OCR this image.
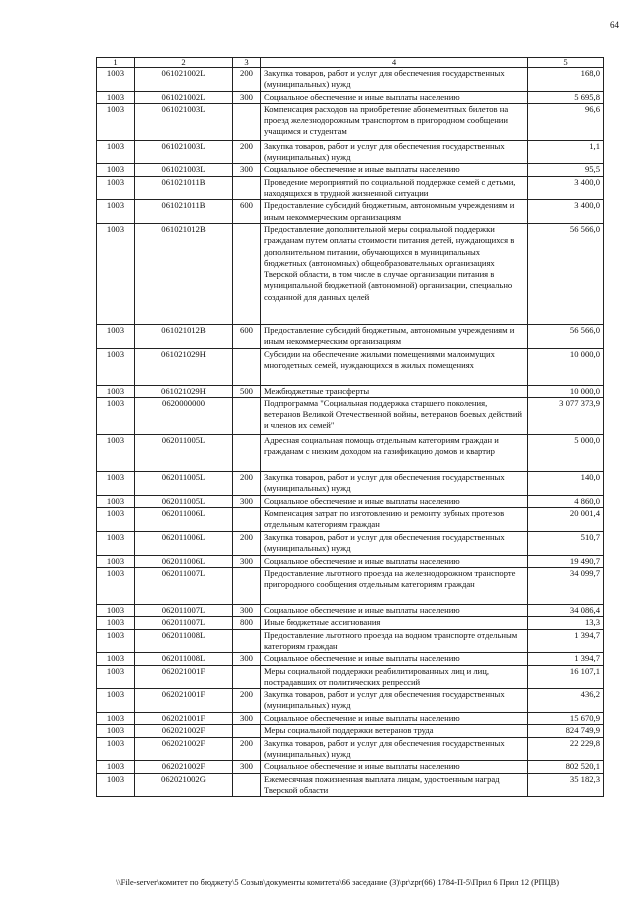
64
1	2	3	4	5
1003	061021002L	200	Закупка товаров, работ и услуг для обеспечения государственных (муниципальных) нужд	168,0
1003	061021002L	300	Социальное обеспечение и иные выплаты населению	5 695,8
1003	061021003L		Компенсация расходов на приобретение абонементных билетов на проезд железнодорожным транспортом в пригородном сообщении учащимся и студентам	96,6
1003	061021003L	200	Закупка товаров, работ и услуг для обеспечения государственных (муниципальных) нужд	1,1
1003	061021003L	300	Социальное обеспечение и иные выплаты населению	95,5
1003	061021011В		Проведение мероприятий по социальной поддержке семей с детьми, находящихся в трудной жизненной ситуации	3 400,0
1003	061021011В	600	Предоставление субсидий бюджетным, автономным учреждениям и иным некоммерческим организациям	3 400,0
1003	061021012В		Предоставление дополнительной меры социальной поддержки гражданам путем оплаты стоимости питания детей, нуждающихся в дополнительном питании, обучающихся в муниципальных бюджетных (автономных) общеобразовательных организациях Тверской области, в том числе в случае организации питания в муниципальной бюджетной (автономной) организации, специально созданной для данных целей	56 566,0
1003	061021012В	600	Предоставление субсидий бюджетным, автономным учреждениям и иным некоммерческим организациям	56 566,0
1003	061021029Н		Субсидии на обеспечение жилыми помещениями малоимущих многодетных семей, нуждающихся в жилых помещениях	10 000,0
1003	061021029Н	500	Межбюджетные трансферты	10 000,0
1003	0620000000		Подпрограмма "Социальная поддержка старшего поколения, ветеранов Великой Отечественной войны, ветеранов боевых действий и членов их семей"	3 077 373,9
1003	062011005L		Адресная социальная помощь отдельным категориям граждан и гражданам с низким доходом на газификацию домов и квартир	5 000,0
1003	062011005L	200	Закупка товаров, работ и услуг для обеспечения государственных (муниципальных) нужд	140,0
1003	062011005L	300	Социальное обеспечение и иные выплаты населению	4 860,0
1003	062011006L		Компенсация затрат по изготовлению и ремонту зубных протезов отдельным категориям граждан	20 001,4
1003	062011006L	200	Закупка товаров, работ и услуг для обеспечения государственных (муниципальных) нужд	510,7
1003	062011006L	300	Социальное обеспечение и иные выплаты населению	19 490,7
1003	062011007L		Предоставление льготного проезда на железнодорожном транспорте пригородного сообщения отдельным категориям граждан	34 099,7
1003	062011007L	300	Социальное обеспечение и иные выплаты населению	34 086,4
1003	062011007L	800	Иные бюджетные ассигнования	13,3
1003	062011008L		Предоставление льготного проезда на водном транспорте отдельным категориям граждан	1 394,7
1003	062011008L	300	Социальное обеспечение и иные выплаты населению	1 394,7
1003	062021001F		Меры социальной поддержки реабилитированных лиц и лиц, пострадавших от политических репрессий	16 107,1
1003	062021001F	200	Закупка товаров, работ и услуг для обеспечения государственных (муниципальных) нужд	436,2
1003	062021001F	300	Социальное обеспечение и иные выплаты населению	15 670,9
1003	062021002F		Меры социальной поддержки ветеранов труда	824 749,9
1003	062021002F	200	Закупка товаров, работ и услуг для обеспечения государственных (муниципальных) нужд	22 229,8
1003	062021002F	300	Социальное обеспечение и иные выплаты населению	802 520,1
1003	062021002G		Ежемесячная пожизненная выплата лицам, удостоенным наград Тверской области	35 182,3
\\File-server\комитет по бюджету\5 Созыв\документы комитета\66 заседание (3)\pr\zpr(66) 1784-П-5\Прил 6 Прил 12 (РПЦВ)
